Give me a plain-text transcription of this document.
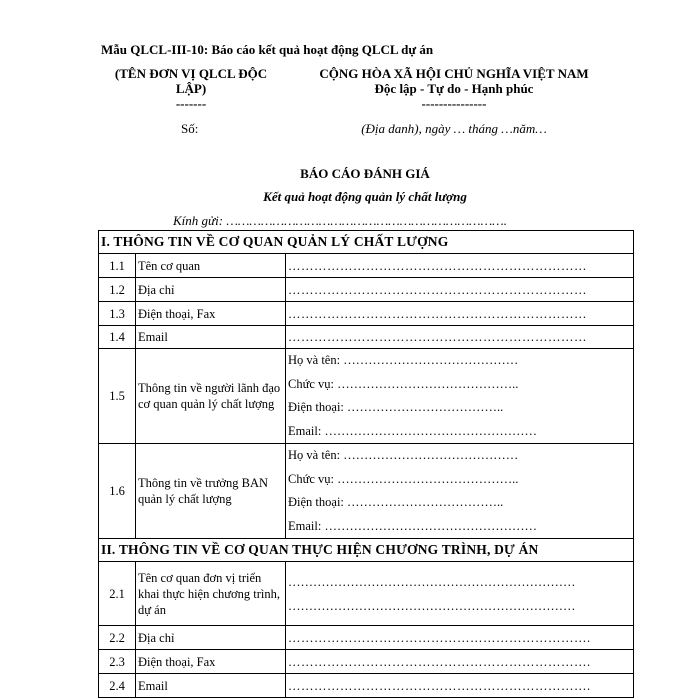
Mẫu QLCL-III-10: Báo cáo kết quả hoạt động QLCL dự án
(TÊN ĐƠN VỊ QLCL ĐỘC
LẬP)
-------
Số:
CỘNG HÒA XÃ HỘI CHỦ NGHĨA VIỆT NAM
Độc lập - Tự do - Hạnh phúc
---------------
(Địa danh), ngày … tháng …năm…
BÁO CÁO ĐÁNH GIÁ
Kết quả hoạt động quản lý chất lượng
Kính gửi: ……………………………………………………………….
I. THÔNG TIN VỀ CƠ QUAN QUẢN LÝ CHẤT LƯỢNG		
1.1	Tên cơ quan	……………………………………………………………
1.2	Địa chỉ	……………………………………………………………
1.3	Điện thoại, Fax	……………………………………………………………
1.4	Email	……………………………………………………………
1.5	Thông tin về người lãnh đạo cơ quan quản lý chất lượng	Họ và tên: ……………………………………
Chức vụ: ……………………………………..
Điện thoại: ………………………………..
Email: ……………………………………………

1.6	Thông tin về trưởng BAN quản lý chất lượng	Họ và tên: ……………………………………
Chức vụ: ……………………………………..
Điện thoại: ………………………………..
Email: ……………………………………………

II. THÔNG TIN VỀ CƠ QUAN THỰC HIỆN CHƯƠNG TRÌNH, DỰ ÁN		
2.1	Tên cơ quan đơn vị triển khai thực hiện chương trình, dự án	……………………………………………………………
……………………………………………………………

2.2	Địa chỉ	…………………………………………………………….
2.3	Điện thoại, Fax	…………………………………………………………….
2.4	Email	…………………………………………………………….
